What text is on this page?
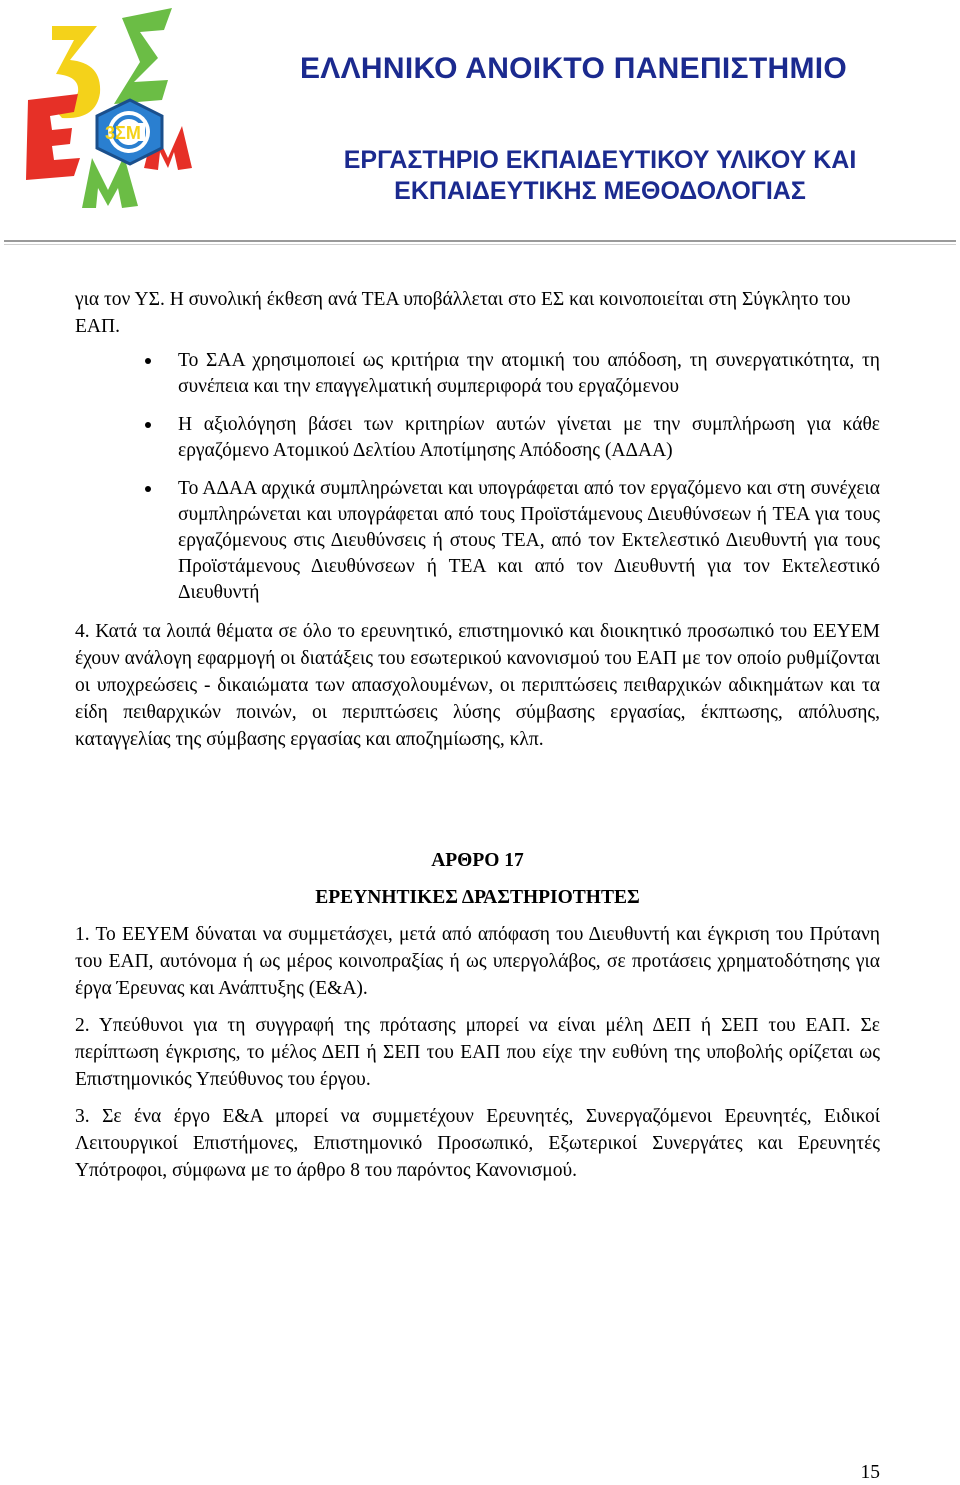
3ΣΜ
ΕΛΛΗΝΙΚΟ ΑΝΟΙΚΤΟ ΠΑΝΕΠΙΣΤΗΜΙΟ
ΕΡΓΑΣΤΗΡΙΟ ΕΚΠΑΙΔΕΥΤΙΚΟΥ ΥΛΙΚΟΥ ΚΑΙ
ΕΚΠΑΙΔΕΥΤΙΚΗΣ ΜΕΘΟΔΟΛΟΓΙΑΣ

για τον ΥΣ. Η συνολική έκθεση ανά ΤΕΑ υποβάλλεται στο ΕΣ και κοινοποιείται στη Σύγκλητο του ΕΑΠ.

Το ΣΑΑ χρησιμοποιεί ως κριτήρια την ατομική του απόδοση, τη συνεργατικότητα, τη συνέπεια και την επαγγελματική συμπεριφορά του εργαζόμενου
Η αξιολόγηση βάσει των κριτηρίων αυτών γίνεται με την συμπλήρωση για κάθε εργαζόμενο Ατομικού Δελτίου Αποτίμησης Απόδοσης (ΑΔΑΑ)
Το ΑΔΑΑ αρχικά συμπληρώνεται και υπογράφεται από τον εργαζόμενο και στη συνέχεια συμπληρώνεται και υπογράφεται από τους Προϊστάμενους Διευθύνσεων ή ΤΕΑ για τους εργαζόμενους στις Διευθύνσεις ή στους ΤΕΑ, από τον Εκτελεστικό Διευθυντή για τους Προϊστάμενους Διευθύνσεων ή ΤΕΑ και από τον Διευθυντή για τον Εκτελεστικό Διευθυντή

4. Κατά τα λοιπά θέματα σε όλο το ερευνητικό, επιστημονικό και διοικητικό προσωπικό του ΕΕΥΕΜ έχουν ανάλογη εφαρμογή οι διατάξεις του εσωτερικού κανονισμού του ΕΑΠ με τον οποίο ρυθμίζονται οι υποχρεώσεις - δικαιώματα των απασχολουμένων, οι περιπτώσεις πειθαρχικών αδικημάτων και τα είδη πειθαρχικών ποινών, οι περιπτώσεις λύσης σύμβασης εργασίας, έκπτωσης, απόλυσης, καταγγελίας της σύμβασης εργασίας και αποζημίωσης, κλπ.

ΑΡΘΡΟ 17
ΕΡΕΥΝΗΤΙΚΕΣ ΔΡΑΣΤΗΡΙΟΤΗΤΕΣ

1. Το ΕΕΥΕΜ δύναται να συμμετάσχει, μετά από απόφαση του Διευθυντή και έγκριση του Πρύτανη του ΕΑΠ, αυτόνομα ή ως μέρος κοινοπραξίας ή ως υπεργολάβος, σε προτάσεις χρηματοδότησης για έργα Έρευνας και Ανάπτυξης (Ε&Α).

2. Υπεύθυνοι για τη συγγραφή της πρότασης μπορεί να είναι μέλη ΔΕΠ ή ΣΕΠ του ΕΑΠ. Σε περίπτωση έγκρισης, το μέλος ΔΕΠ ή ΣΕΠ του ΕΑΠ που είχε την ευθύνη της υποβολής ορίζεται ως Επιστημονικός Υπεύθυνος του έργου.

3. Σε ένα έργο Ε&Α μπορεί να συμμετέχουν Ερευνητές, Συνεργαζόμενοι Ερευνητές, Ειδικοί Λειτουργικοί Επιστήμονες, Επιστημονικό Προσωπικό, Εξωτερικοί Συνεργάτες και Ερευνητές Υπότροφοι, σύμφωνα με το άρθρο 8 του παρόντος Κανονισμού.

15
